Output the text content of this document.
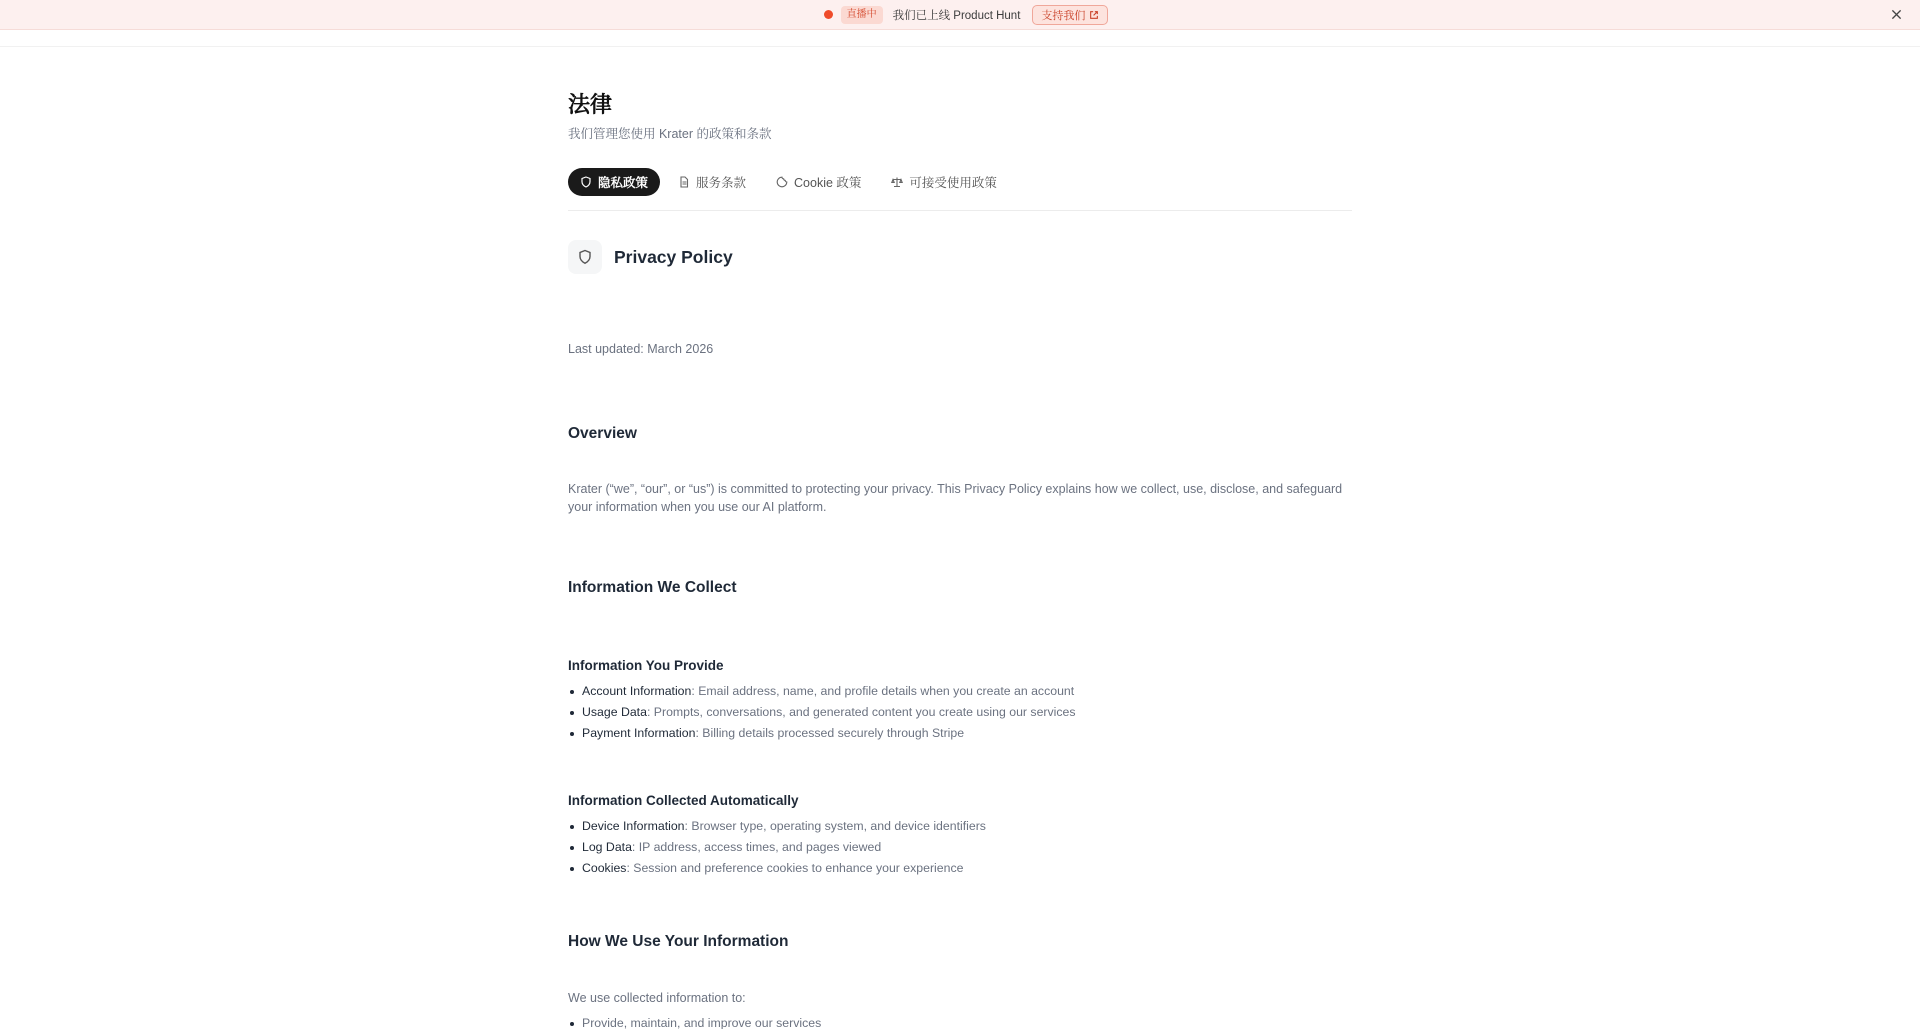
直播中	我们已上线 Product Hunt 支持我们
法律

我们管理您使用 Krater 的政策和条款

隐私政策	服务条款	Cookie 政策	可接受使用政策
Privacy Policy

Last updated: March 2026

Overview

Krater (“we”, “our”, or “us”) is committed to protecting your privacy. This Privacy Policy explains how we collect, use, disclose, and safeguard your information when you use our AI platform.

Information We Collect
Information You Provide
Account Information: Email address, name, and profile details when you create an account
Usage Data: Prompts, conversations, and generated content you create using our services
Payment Information: Billing details processed securely through Stripe
Information Collected Automatically
Device Information: Browser type, operating system, and device identifiers
Log Data: IP address, access times, and pages viewed
Cookies: Session and preference cookies to enhance your experience
How We Use Your Information

We use collected information to:

Provide, maintain, and improve our services
